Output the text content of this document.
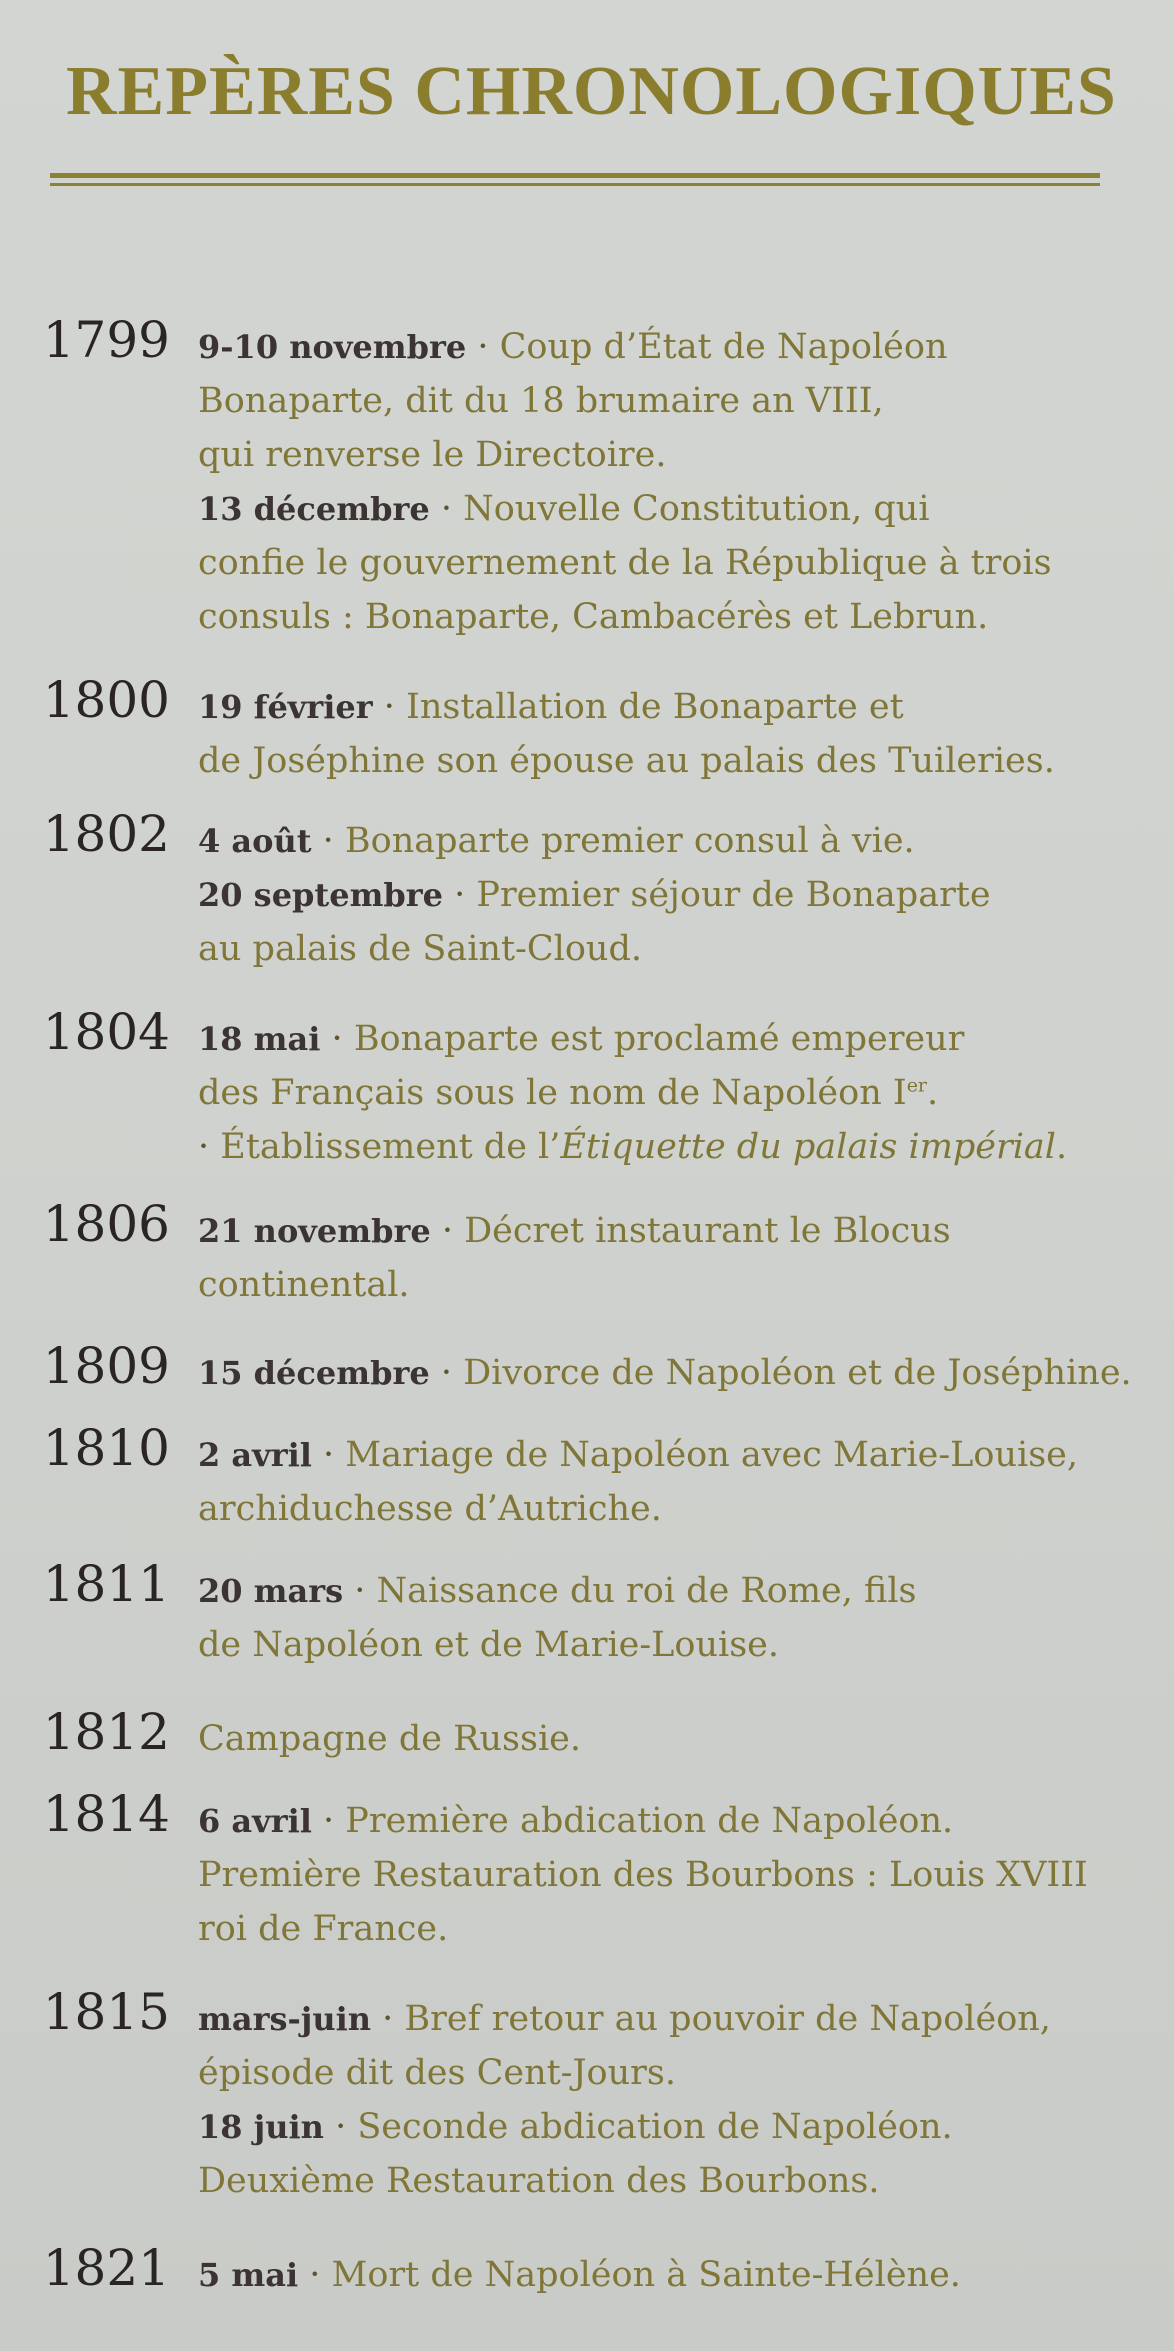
REPÈRES CHRONOLOGIQUES
1799 9-10 novembre · Coup d’État de Napoléon
Bonaparte, dit du 18 brumaire an VIII,
qui renverse le Directoire.
13 décembre · Nouvelle Constitution, qui
confie le gouvernement de la République à trois
consuls : Bonaparte, Cambacérès et Lebrun.
1800 19 février · Installation de Bonaparte et
de Joséphine son épouse au palais des Tuileries.
1802 4 août · Bonaparte premier consul à vie.
20 septembre · Premier séjour de Bonaparte
au palais de Saint-Cloud.
1804 18 mai · Bonaparte est proclamé empereur
des Français sous le nom de Napoléon Ier.
· Établissement de l’Étiquette du palais impérial.
1806 21 novembre · Décret instaurant le Blocus
continental.
1809 15 décembre · Divorce de Napoléon et de Joséphine.
1810 2 avril · Mariage de Napoléon avec Marie-Louise,
archiduchesse d’Autriche.
1811 20 mars · Naissance du roi de Rome, fils
de Napoléon et de Marie-Louise.
1812 Campagne de Russie.
1814 6 avril · Première abdication de Napoléon.
Première Restauration des Bourbons : Louis XVIII
roi de France.
1815 mars-juin · Bref retour au pouvoir de Napoléon,
épisode dit des Cent-Jours.
18 juin · Seconde abdication de Napoléon.
Deuxième Restauration des Bourbons.
1821 5 mai · Mort de Napoléon à Sainte-Hélène.
